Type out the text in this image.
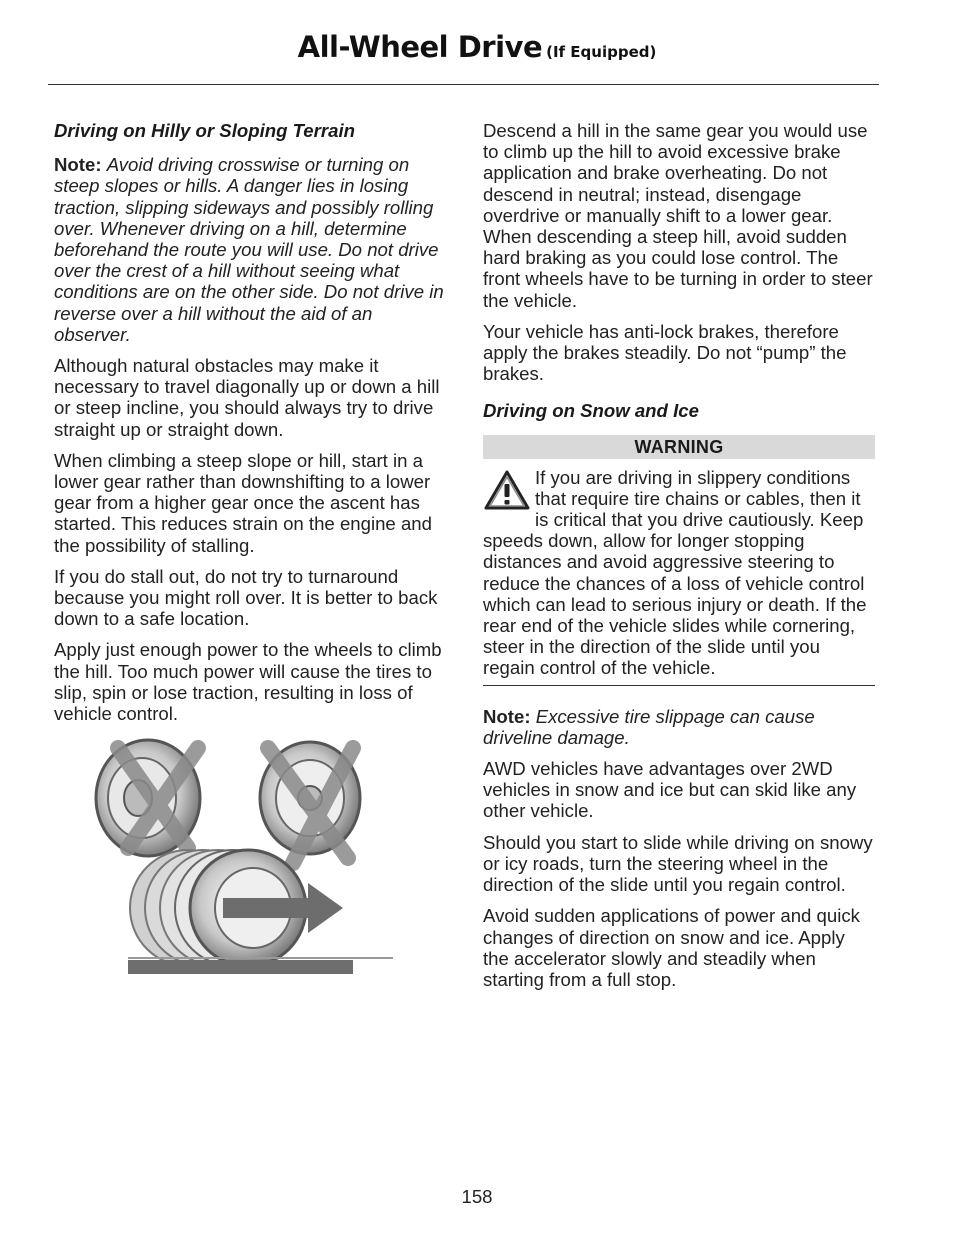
All-Wheel Drive (If Equipped)

Driving on Hilly or Sloping Terrain

Note: Avoid driving crosswise or turning on steep slopes or hills. A danger lies in losing traction, slipping sideways and possibly rolling over. Whenever driving on a hill, determine beforehand the route you will use. Do not drive over the crest of a hill without seeing what conditions are on the other side. Do not drive in reverse over a hill without the aid of an observer.

Although natural obstacles may make it necessary to travel diagonally up or down a hill or steep incline, you should always try to drive straight up or straight down.

When climbing a steep slope or hill, start in a lower gear rather than downshifting to a lower gear from a higher gear once the ascent has started. This reduces strain on the engine and the possibility of stalling.

If you do stall out, do not try to turnaround because you might roll over. It is better to back down to a safe location.

Apply just enough power to the wheels to climb the hill. Too much power will cause the tires to slip, spin or lose traction, resulting in loss of vehicle control.

Descend a hill in the same gear you would use to climb up the hill to avoid excessive brake application and brake overheating. Do not descend in neutral; instead, disengage overdrive or manually shift to a lower gear. When descending a steep hill, avoid sudden hard braking as you could lose control. The front wheels have to be turning in order to steer the vehicle.

Your vehicle has anti-lock brakes, therefore apply the brakes steadily. Do not “pump” the brakes.

Driving on Snow and Ice

WARNING

If you are driving in slippery conditions that require tire chains or cables, then it is critical that you drive cautiously. Keep speeds down, allow for longer stopping distances and avoid aggressive steering to reduce the chances of a loss of vehicle control which can lead to serious injury or death. If the rear end of the vehicle slides while cornering, steer in the direction of the slide until you regain control of the vehicle.

Note: Excessive tire slippage can cause driveline damage.

AWD vehicles have advantages over 2WD vehicles in snow and ice but can skid like any other vehicle.

Should you start to slide while driving on snowy or icy roads, turn the steering wheel in the direction of the slide until you regain control.

Avoid sudden applications of power and quick changes of direction on snow and ice. Apply the accelerator slowly and steadily when starting from a full stop.

158
